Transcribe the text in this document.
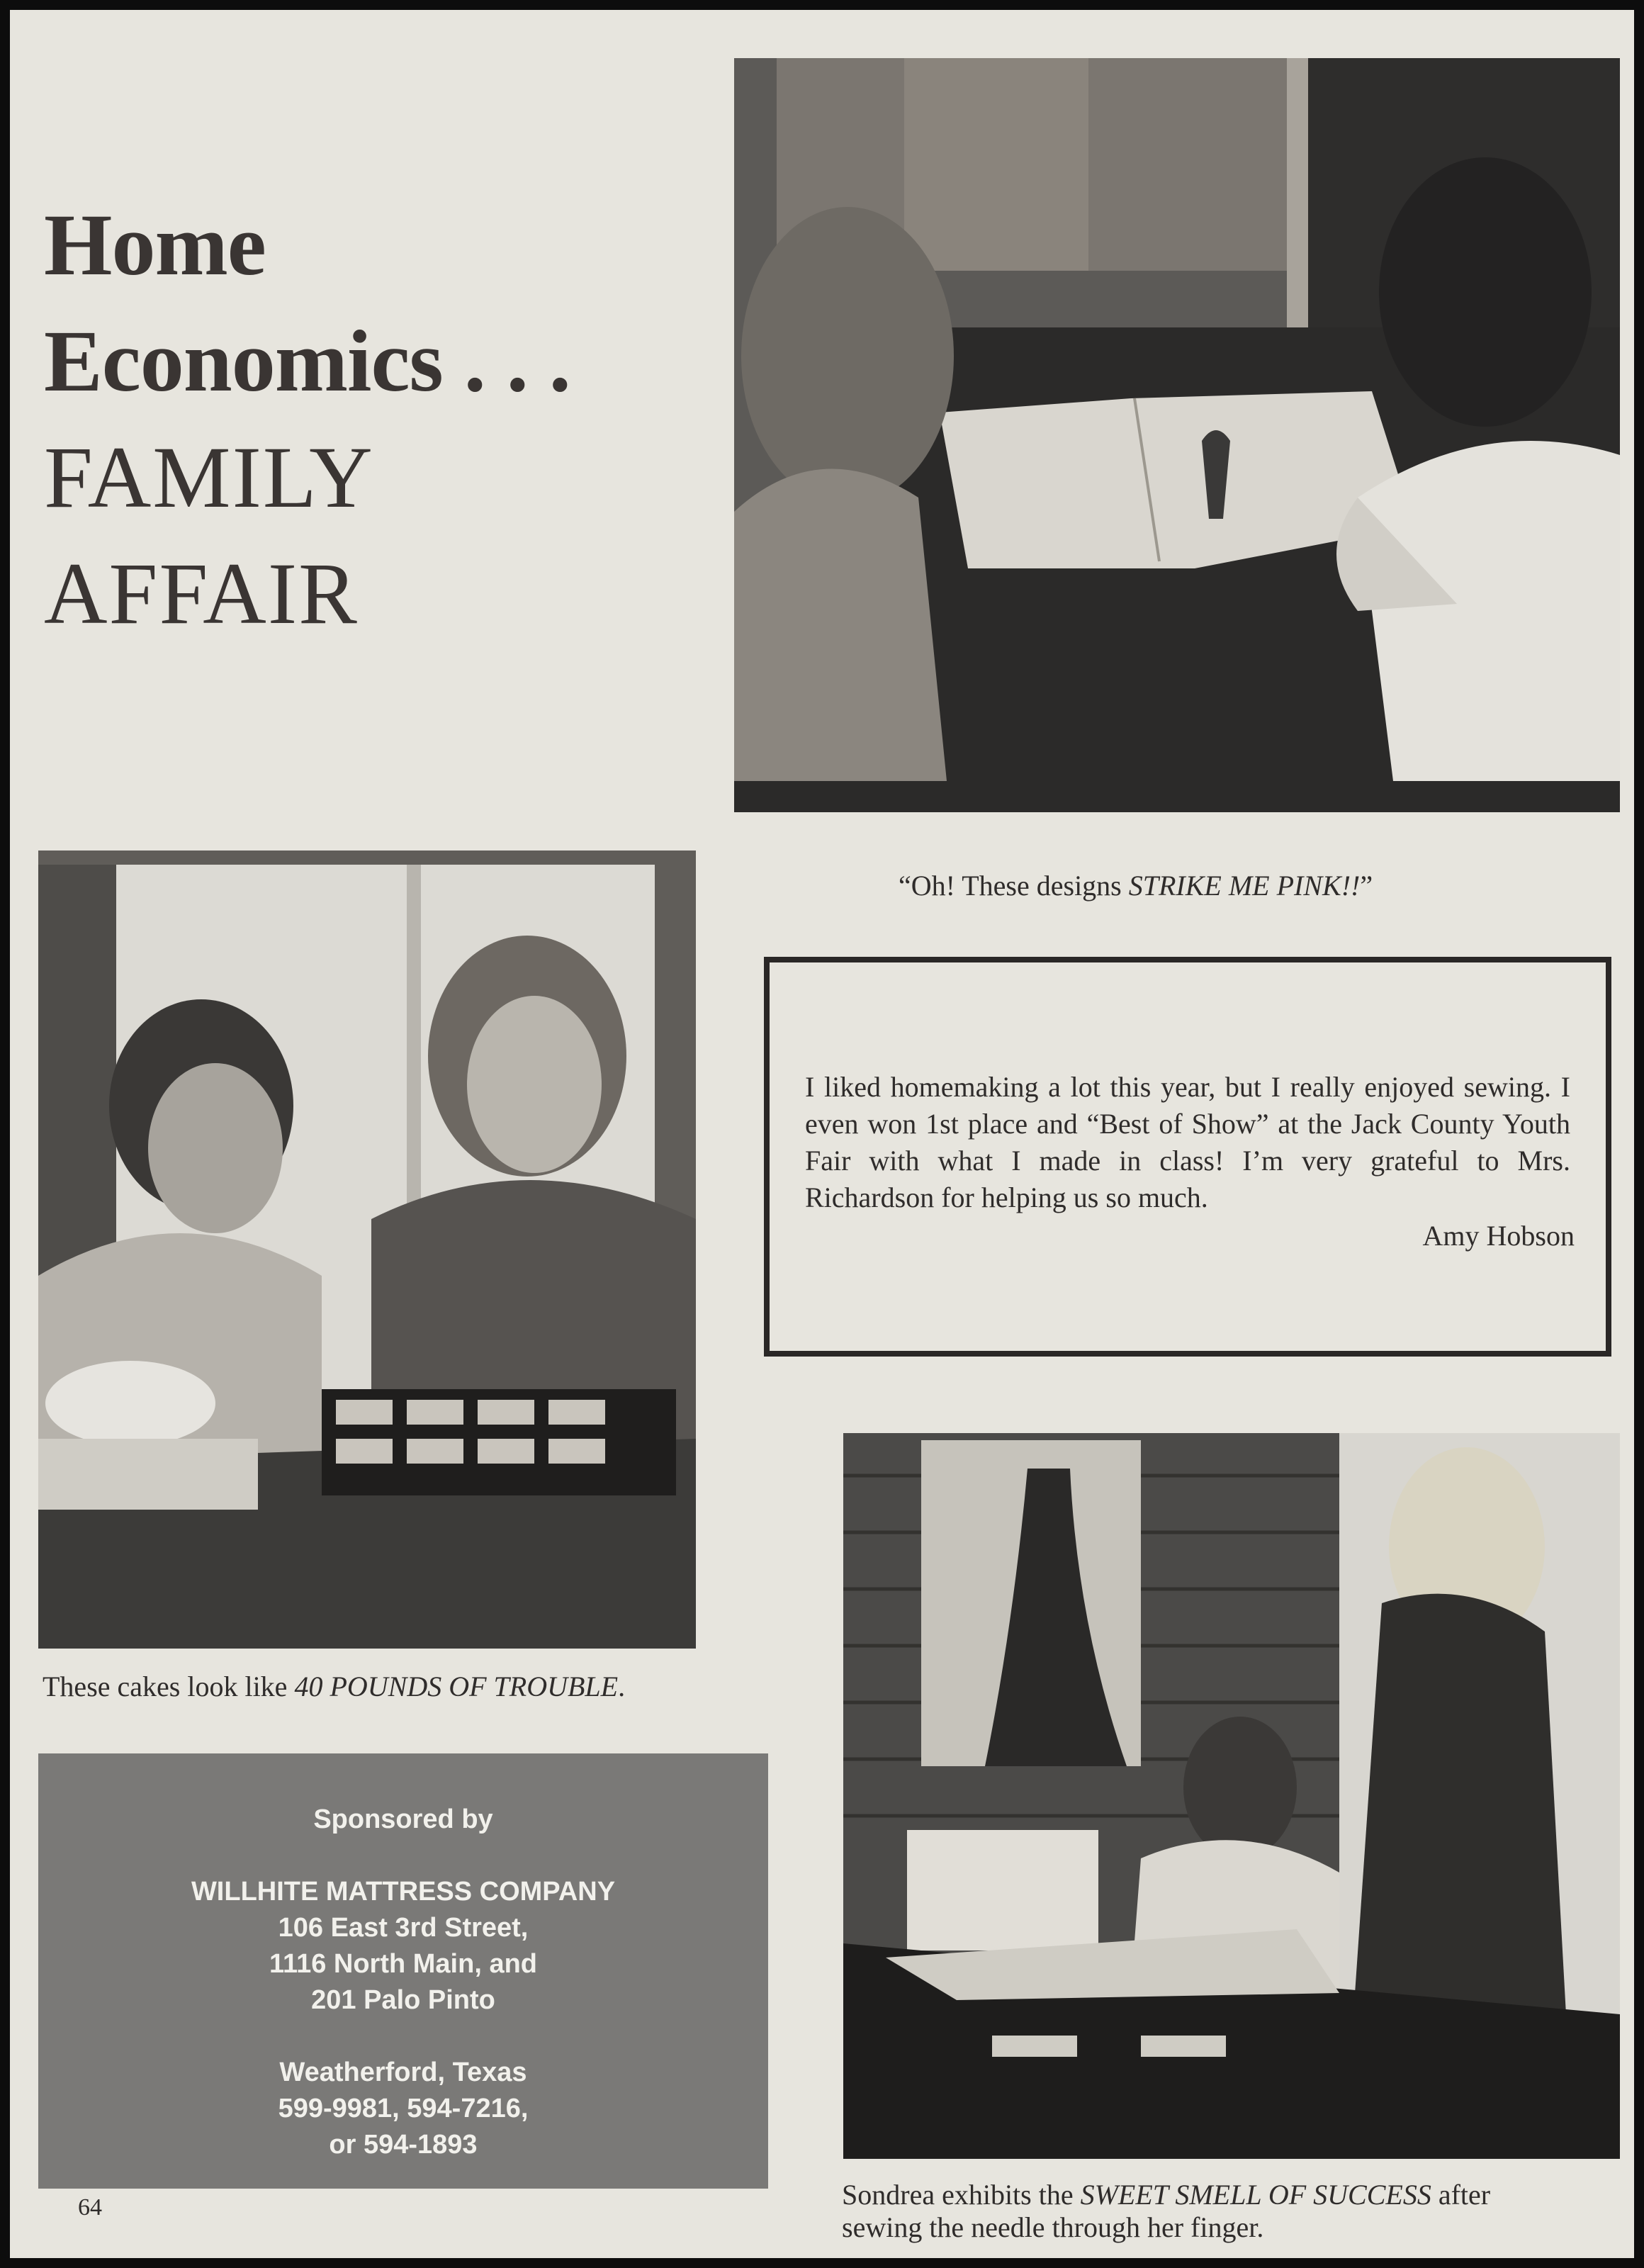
Home
Economics . . .
FAMILY
AFFAIR
“Oh! These designs STRIKE ME PINK!!”
These cakes look like 40 POUNDS OF TROUBLE.
I liked homemaking a lot this year, but I really enjoyed sewing. I even won 1st place and “Best of Show” at the Jack County Youth Fair with what I made in class! I’m very grateful to Mrs. Richardson for helping us so much.
Amy Hobson
Sondrea exhibits the SWEET SMELL OF SUCCESS after
sewing the needle through her finger.
Sponsored by
WILLHITE MATTRESS COMPANY
106 East 3rd Street,
1116 North Main, and
201 Palo Pinto
Weatherford, Texas
599-9981, 594-7216,
or 594-1893
64
